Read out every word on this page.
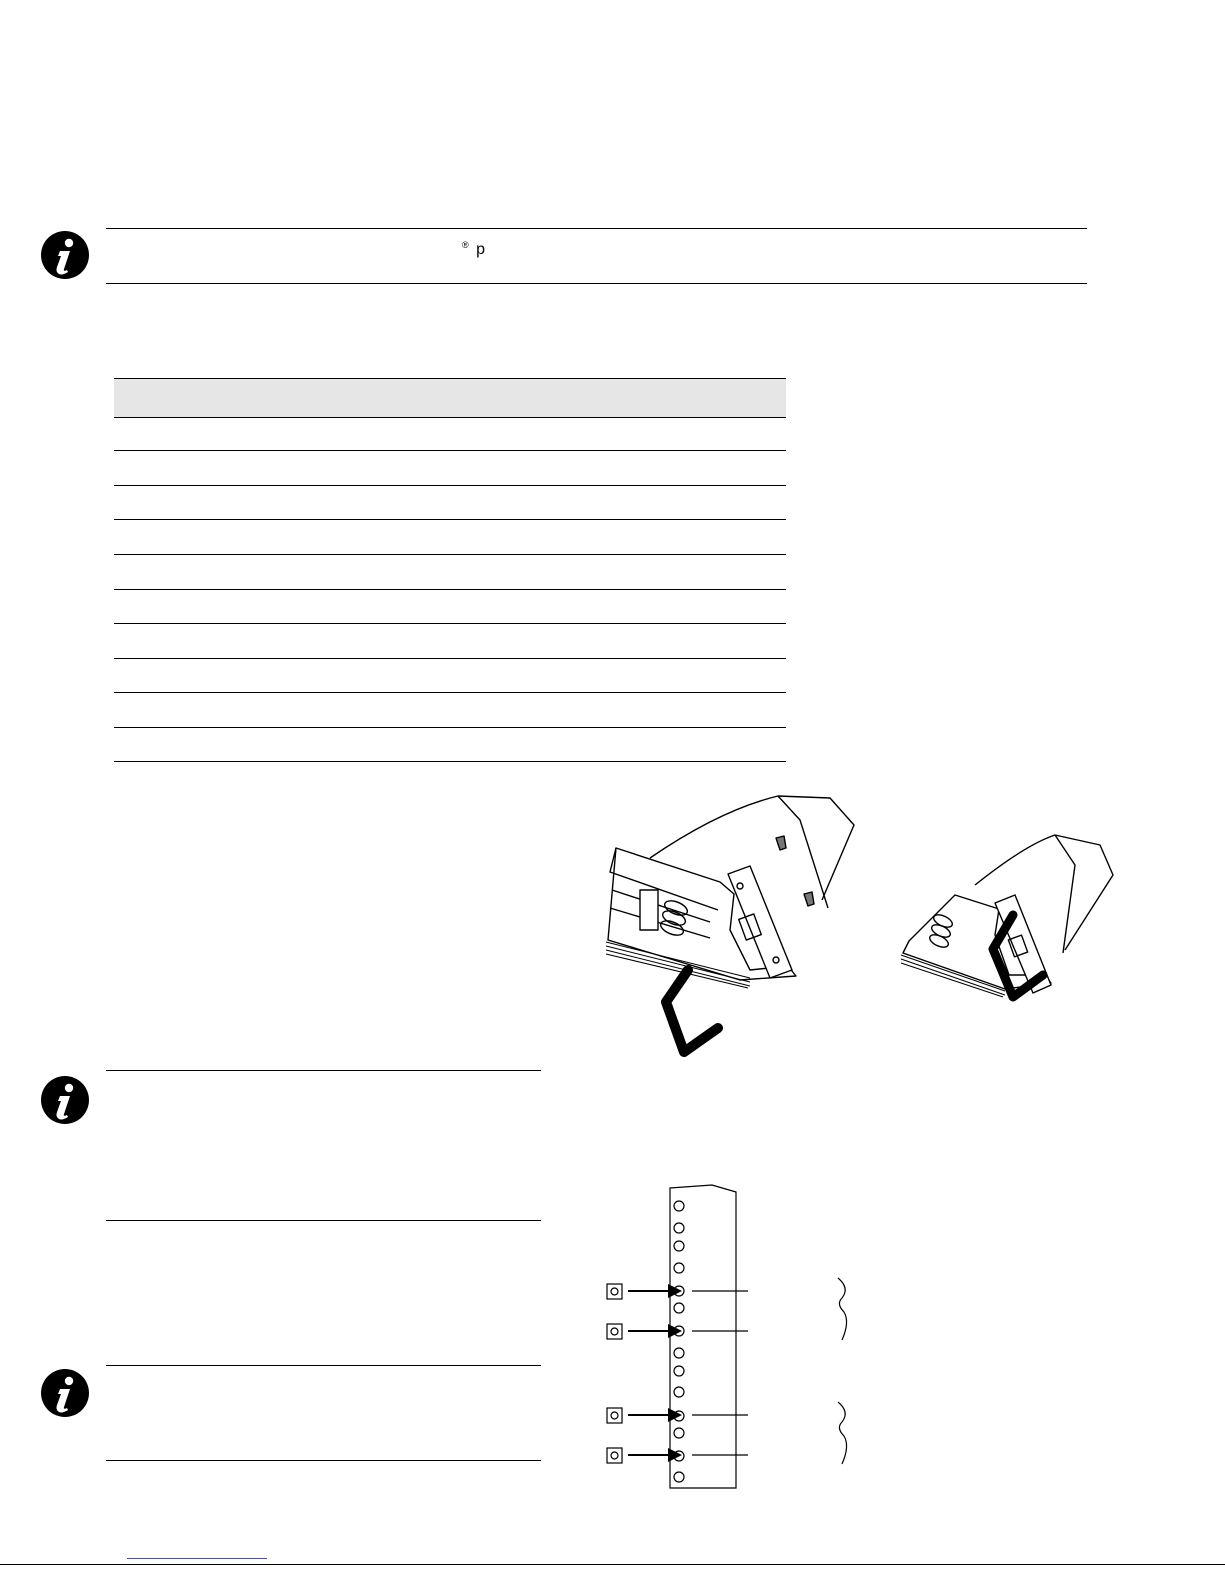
® p
